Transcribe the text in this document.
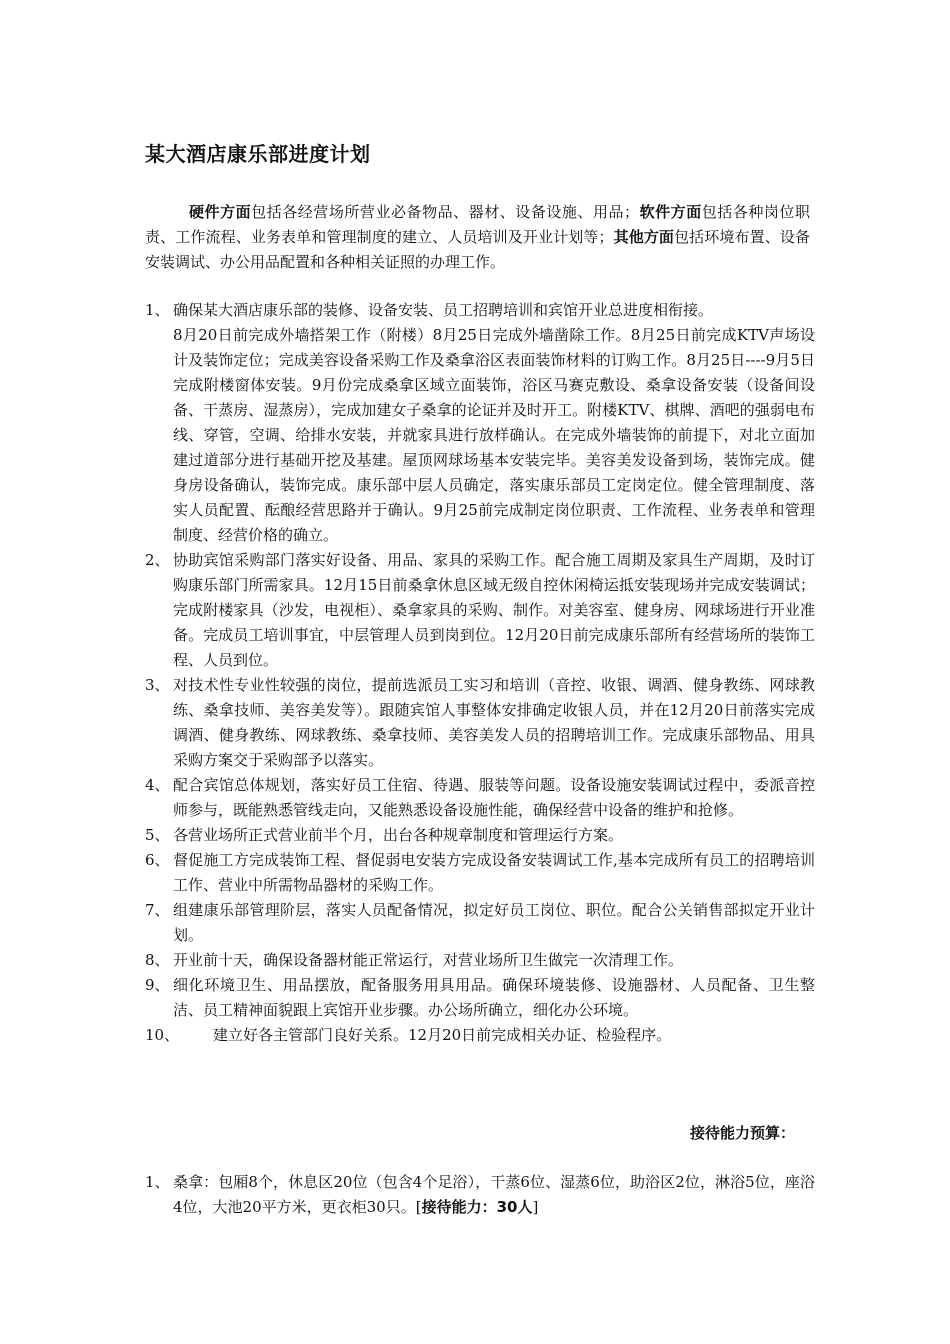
某大酒店康乐部进度计划
硬件方面包括各经营场所营业必备物品、器材、设备设施、用品；软件方面包括各种岗位职责、工作流程、业务表单和管理制度的建立、人员培训及开业计划等；其他方面包括环境布置、设备安装调试、办公用品配置和各种相关证照的办理工作。
1、 确保某大酒店康乐部的装修、设备安装、员工招聘培训和宾馆开业总进度相衔接。
8月20日前完成外墙搭架工作（附楼）8月25日完成外墙凿除工作。8月25日前完成KTV声场设计及装饰定位；完成美容设备采购工作及桑拿浴区表面装饰材料的订购工作。8月25日----9月5日完成附楼窗体安装。9月份完成桑拿区域立面装饰，浴区马赛克敷设、桑拿设备安装（设备间设备、干蒸房、湿蒸房），完成加建女子桑拿的论证并及时开工。附楼KTV、棋牌、酒吧的强弱电布线、穿管，空调、给排水安装，并就家具进行放样确认。在完成外墙装饰的前提下，对北立面加建过道部分进行基础开挖及基建。屋顶网球场基本安装完毕。美容美发设备到场，装饰完成。健身房设备确认，装饰完成。康乐部中层人员确定，落实康乐部员工定岗定位。健全管理制度、落实人员配置、酝酿经营思路并于确认。9月25前完成制定岗位职责、工作流程、业务表单和管理制度、经营价格的确立。
2、 协助宾馆采购部门落实好设备、用品、家具的采购工作。配合施工周期及家具生产周期，及时订购康乐部门所需家具。12月15日前桑拿休息区域无级自控休闲椅运抵安装现场并完成安装调试；完成附楼家具（沙发，电视柜）、桑拿家具的采购、制作。对美容室、健身房、网球场进行开业准备。完成员工培训事宜，中层管理人员到岗到位。12月20日前完成康乐部所有经营场所的装饰工程、人员到位。
3、 对技术性专业性较强的岗位，提前选派员工实习和培训（音控、收银、调酒、健身教练、网球教练、桑拿技师、美容美发等）。跟随宾馆人事整体安排确定收银人员，并在12月20日前落实完成调酒、健身教练、网球教练、桑拿技师、美容美发人员的招聘培训工作。完成康乐部物品、用具采购方案交于采购部予以落实。
4、 配合宾馆总体规划，落实好员工住宿、待遇、服装等问题。设备设施安装调试过程中，委派音控师参与，既能熟悉管线走向，又能熟悉设备设施性能，确保经营中设备的维护和抢修。
5、 各营业场所正式营业前半个月，出台各种规章制度和管理运行方案。
6、 督促施工方完成装饰工程、督促弱电安装方完成设备安装调试工作,基本完成所有员工的招聘培训工作、营业中所需物品器材的采购工作。
7、 组建康乐部管理阶层，落实人员配备情况，拟定好员工岗位、职位。配合公关销售部拟定开业计划。
8、 开业前十天，确保设备器材能正常运行，对营业场所卫生做完一次清理工作。
9、 细化环境卫生、用品摆放，配备服务用具用品。确保环境装修、设施器材、人员配备、卫生整洁、员工精神面貌跟上宾馆开业步骤。办公场所确立，细化办公环境。
10、 建立好各主管部门良好关系。12月20日前完成相关办证、检验程序。
接待能力预算：
1、 桑拿：包厢8个，休息区20位（包含4个足浴），干蒸6位、湿蒸6位，助浴区2位，淋浴5位，座浴4位，大池20平方米，更衣柜30只。[接待能力：30人]
